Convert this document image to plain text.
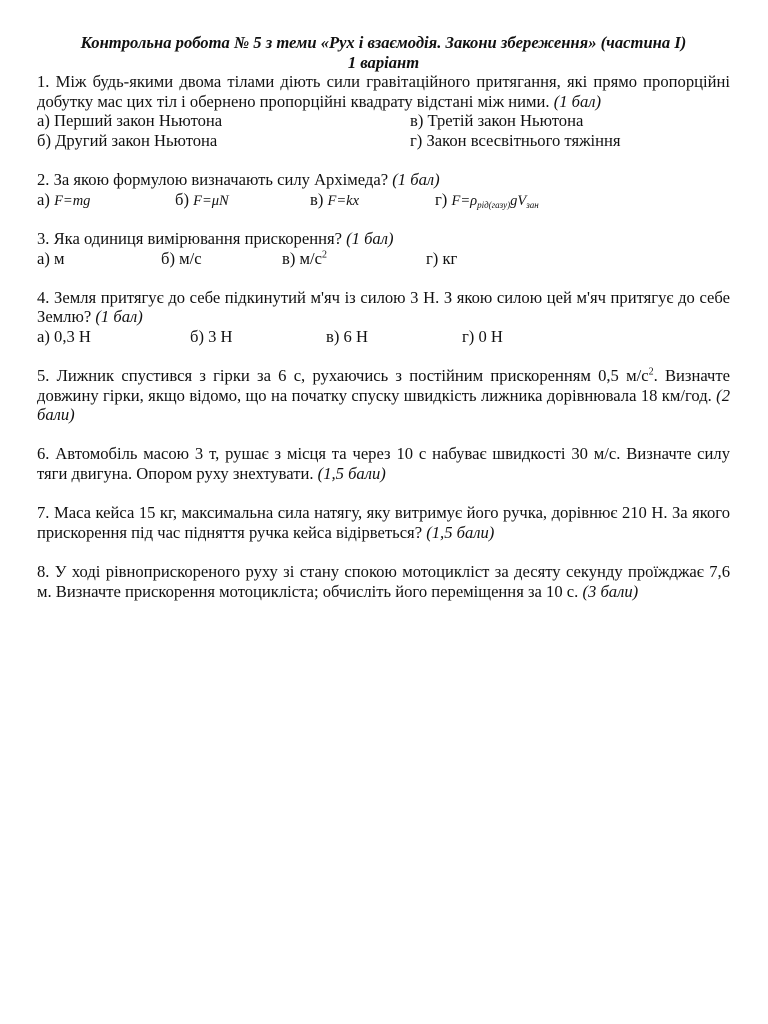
Контрольна робота № 5 з теми «Рух і взаємодія. Закони збереження» (частина І)
1 варіант
1. Між будь-якими двома тілами діють сили гравітаційного притягання, які прямо пропорційні добутку мас цих тіл і обернено пропорційні квадрату відстані між ними. (1 бал)
а) Перший закон Ньютона	в) Третій закон Ньютона
б) Другий закон Ньютона	г) Закон всесвітнього тяжіння
2. За якою формулою визначають силу Архімеда? (1 бал)
а) F=mg	б) F=μN	в) F=kx	г) F=ρрід(газу)gVзан
3. Яка одиниця вимірювання прискорення? (1 бал)
а) м	б) м/с	в) $м/с^2$	г) кг
4. Земля притягує до себе підкинутий м'яч із силою 3 Н. З якою силою цей м'яч притягує до себе Землю? (1 бал)
а) 0,3 Н	б) 3 Н	в) 6 Н	г) 0 Н
5. Лижник спустився з гірки за 6 с, рухаючись з постійним прискоренням 0,5 $м/с^2$. Визначте довжину гірки, якщо відомо, що на початку спуску швидкість лижника дорівнювала 18 км/год. (2 бали)
6. Автомобіль масою 3 т, рушає з місця та через 10 с набуває швидкості 30 м/с. Визначте силу тяги двигуна. Опором руху знехтувати. (1,5 бали)
7. Маса кейса 15 кг, максимальна сила натягу, яку витримує його ручка, дорівнює 210 Н. За якого прискорення під час підняття ручка кейса відірветься? (1,5 бали)
8. У ході рівноприскореного руху зі стану спокою мотоцикліст за десяту секунду проїжджає 7,6 м. Визначте прискорення мотоцикліста; обчисліть його переміщення за 10 с. (3 бали)
